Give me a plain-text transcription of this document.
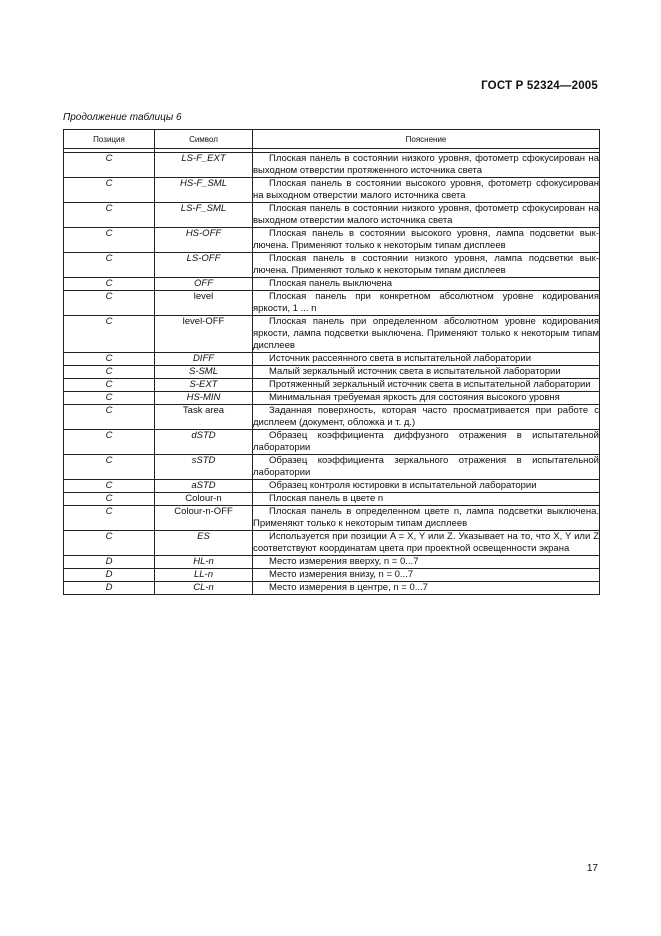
ГОСТ Р 52324—2005
Продолжение таблицы 6
Позиция	Символ	Пояснение

C	LS-F_EXT	Плоская панель в состоянии низкого уровня, фотометр сфокусирован на выходном отверстии протяженного источника света
C	HS-F_SML	Плоская панель в состоянии высокого уровня, фотометр сфокусирован на выходном отверстии малого источника света
C	LS-F_SML	Плоская панель в состоянии низкого уровня, фотометр сфокусирован на выходном отверстии малого источника света
C	HS-OFF	Плоская панель в состоянии высокого уровня, лампа подсветки выключена. Применяют только к некоторым типам дисплеев
C	LS-OFF	Плоская панель в состоянии низкого уровня, лампа подсветки выключена. Применяют только к некоторым типам дисплеев
C	OFF	Плоская панель выключена
C	level	Плоская панель при конкретном абсолютном уровне кодирования яркости, 1 ... n
C	level-OFF	Плоская панель при определенном абсолютном уровне кодирования яркости, лампа подсветки выключена. Применяют только к некоторым типам дисплеев
C	DIFF	Источник рассеянного света в испытательной лаборатории
C	S-SML	Малый зеркальный источник света в испытательной лаборатории
C	S-EXT	Протяженный зеркальный источник света в испытательной лаборатории
C	HS-MIN	Минимальная требуемая яркость для состояния высокого уровня
C	Task area	Заданная поверхность, которая часто просматривается при работе с дисплеем (документ, обложка и т. д.)
C	dSTD	Образец коэффициента диффузного отражения в испытательной лаборатории
C	sSTD	Образец коэффициента зеркального отражения в испытательной лаборатории
C	aSTD	Образец контроля юстировки в испытательной лаборатории
C	Colour-n	Плоская панель в цвете n
C	Colour-n-OFF	Плоская панель в определенном цвете n, лампа подсветки выключена. Применяют только к некоторым типам дисплеев
C	ES	Используется при позиции A = X, Y или Z. Указывает на то, что X, Y или Z соответствуют координатам цвета при проектной освещенности экрана
D	HL-n	Место измерения вверху, n = 0...7
D	LL-n	Место измерения внизу, n = 0...7
D	CL-n	Место измерения в центре, n = 0...7
17
